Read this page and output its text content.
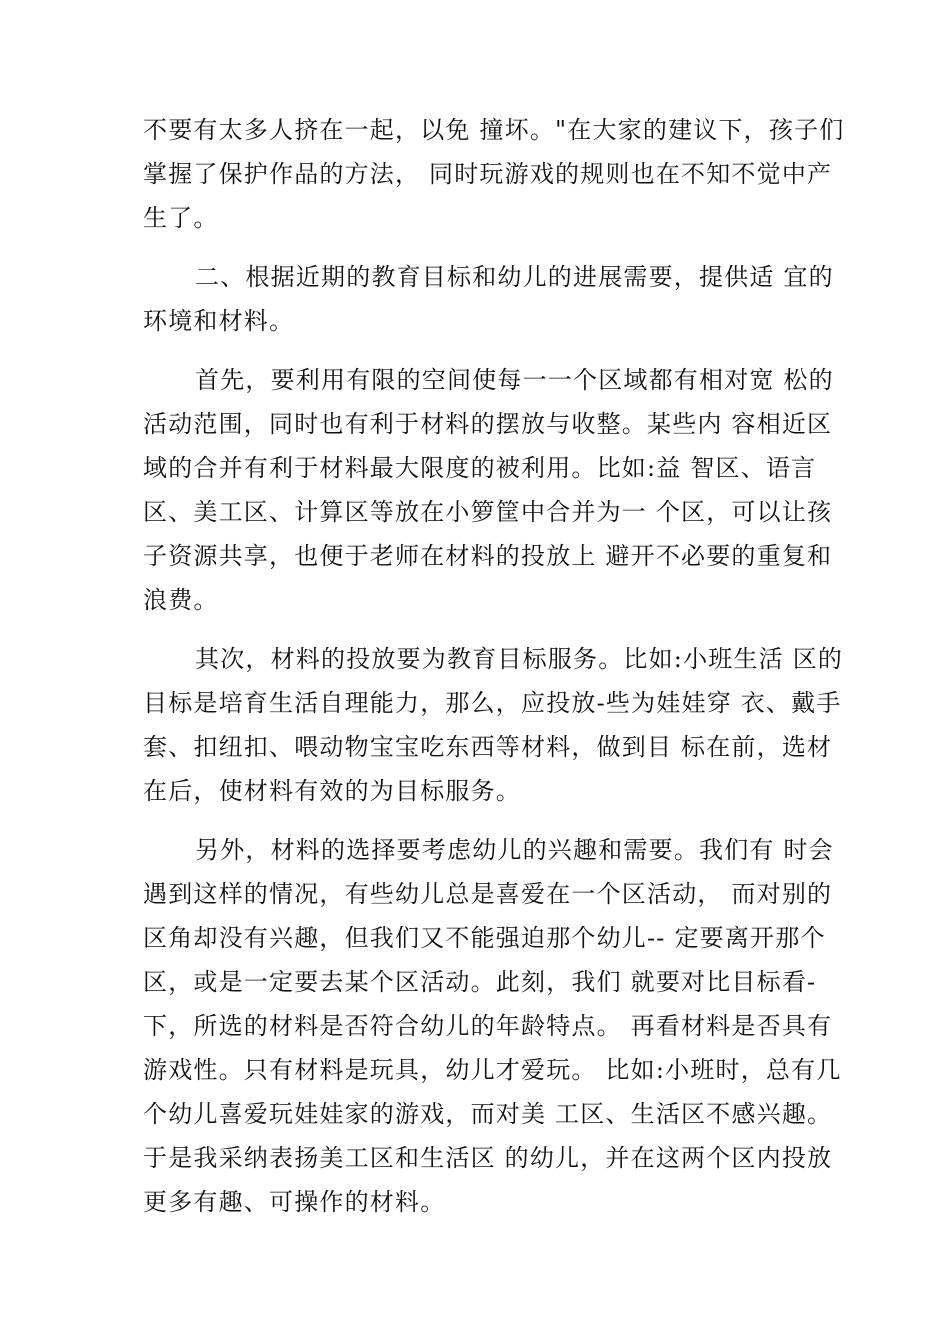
不要有太多人挤在一起，以免 撞坏。"在大家的建议下，孩子们
掌握了保护作品的方法， 同时玩游戏的规则也在不知不觉中产
生了。
二、根据近期的教育目标和幼儿的进展需要，提供适 宜的
环境和材料。
首先，要利用有限的空间使每一一个区域都有相对宽 松的
活动范围，同时也有利于材料的摆放与收整。某些内 容相近区
域的合并有利于材料最大限度的被利用。比如:益 智区、语言
区、美工区、计算区等放在小箩筐中合并为一 个区，可以让孩
子资源共享，也便于老师在材料的投放上 避开不必要的重复和
浪费。
其次，材料的投放要为教育目标服务。比如:小班生活 区的
目标是培育生活自理能力，那么，应投放-些为娃娃穿 衣、戴手
套、扣纽扣、喂动物宝宝吃东西等材料，做到目 标在前，选材
在后，使材料有效的为目标服务。
另外，材料的选择要考虑幼儿的兴趣和需要。我们有 时会
遇到这样的情况，有些幼儿总是喜爱在一个区活动， 而对别的
区角却没有兴趣，但我们又不能强迫那个幼儿-- 定要离开那个
区，或是一定要去某个区活动。此刻，我们 就要对比目标看-
下，所选的材料是否符合幼儿的年龄特点。 再看材料是否具有
游戏性。只有材料是玩具，幼儿才爱玩。 比如:小班时，总有几
个幼儿喜爱玩娃娃家的游戏，而对美 工区、生活区不感兴趣。
于是我采纳表扬美工区和生活区 的幼儿，并在这两个区内投放
更多有趣、可操作的材料。
